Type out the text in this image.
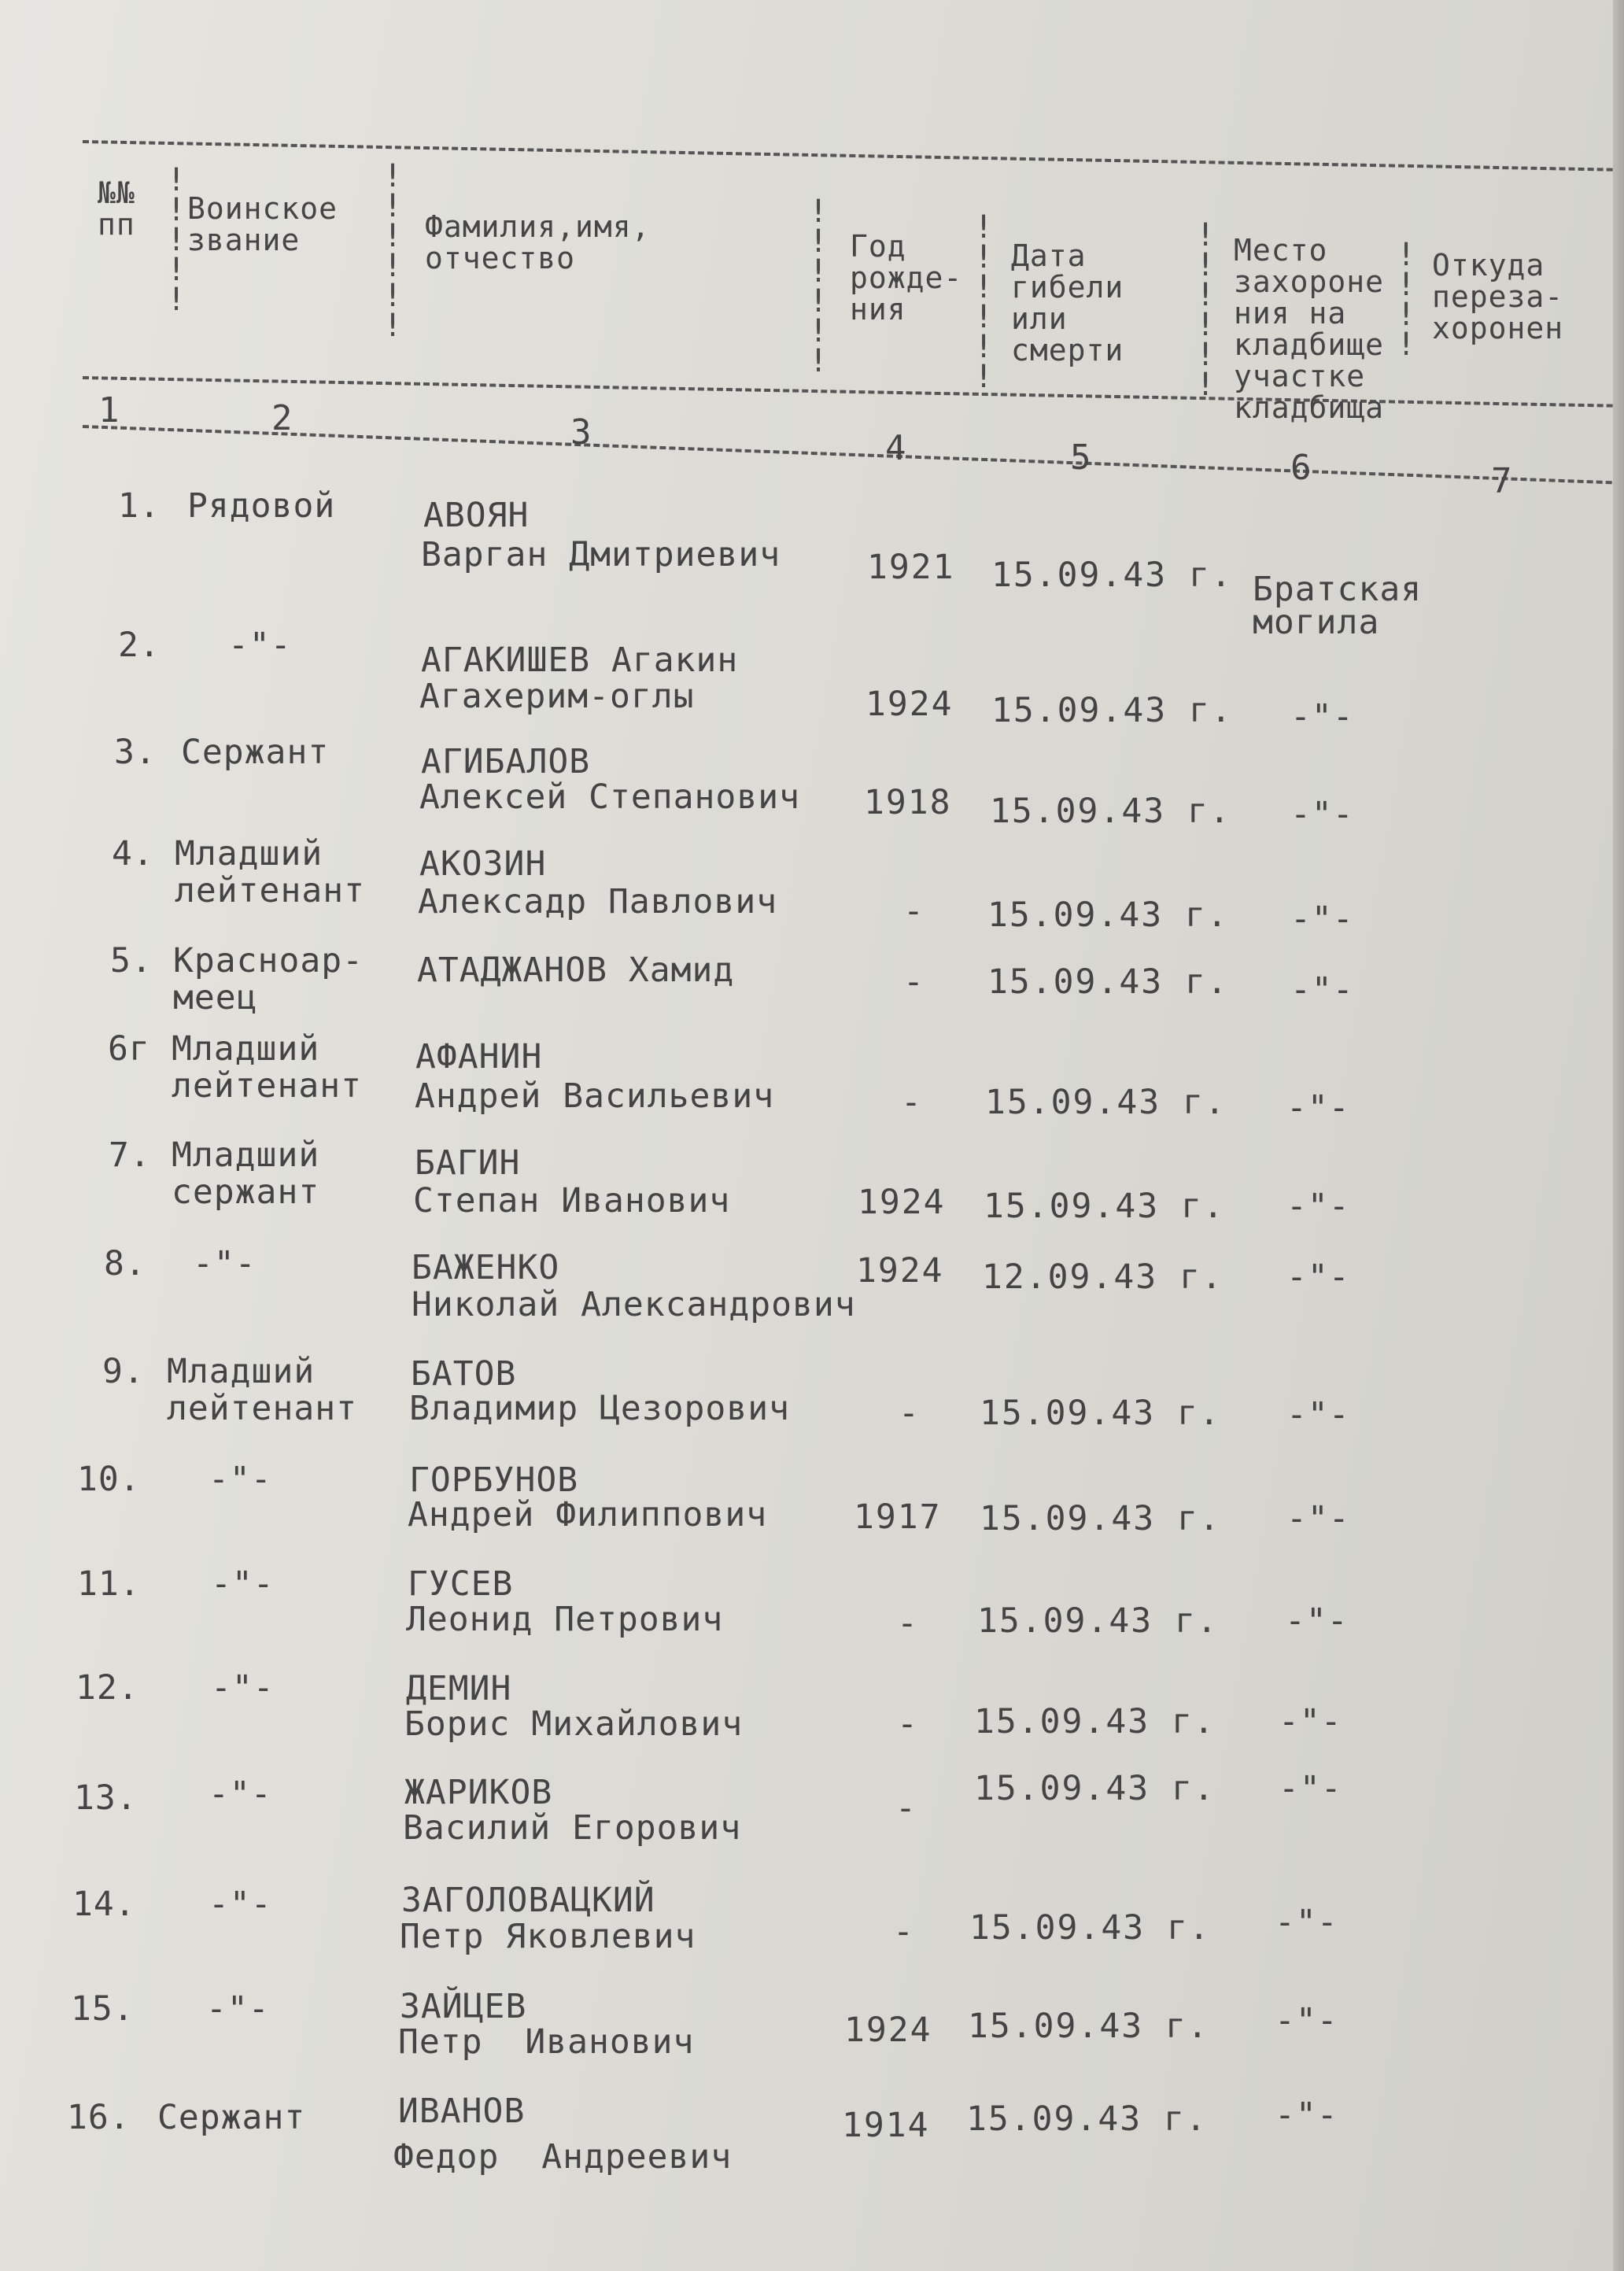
!
!
!
!
!
!
!
!
!
!
!
!
!
!
!
!
!
!
!
!
!
!
!
!
!
!
!
!
!
!
!
!
!
№№
пп Воинское
звание	Фамилия,имя,
отчество	Год
рожде-
ния
Дата
гибели
или
смерти
Место
захороне
ния на
кладбище
участке
кладбища
Откуда
переза-
хоронен
1	2	3	4	5	6	7
1. Рядовой	АВОЯН
Варган Дмитриевич	1921 15.09.43 г. Братская
могила
2. -"-	АГАКИШЕВ Агакин
Агахерим-оглы	1924 15.09.43 г. -"-
3. Сержант	АГИБАЛОВ
Алексей Степанович 1918 15.09.43 г. -"-
4. Младший
лейтенант
АКОЗИН
Алексадр Павлович	- 15.09.43 г. -"-
5. Красноар-
меец
АТАДЖАНОВ Хамид	- 15.09.43 г. -"-
6г Младший
лейтенант
АФАНИН
Андрей Васильевич	- 15.09.43 г. -"-
7. Младший
сержант
БАГИН
Степан Иванович	1924 15.09.43 г. -"-
8. -"-	БАЖЕНКО
Николай Александрович
1924 12.09.43 г. -"-
9. Младший
лейтенант
БАТОВ
Владимир Цезорович	- 15.09.43 г. -"-
10. -"-	ГОРБУНОВ
Андрей Филиппович	1917 15.09.43 г. -"-
11. -"-	ГУСЕВ
Леонид Петрович	- 15.09.43 г. -"-
12. -"-	ДЕМИН
Борис Михайлович	- 15.09.43 г. -"-
13. -"-	ЖАРИКОВ
Василий Егорович	- 15.09.43 г. -"-
14. -"-	ЗАГОЛОВАЦКИЙ
Петр Яковлевич	- 15.09.43 г. -"-
15. -"-	ЗАЙЦЕВ
Петр  Иванович	1924 15.09.43 г. -"-
16. Сержант	ИВАНОВ
Федор  Андреевич
1914 15.09.43 г. -"-
